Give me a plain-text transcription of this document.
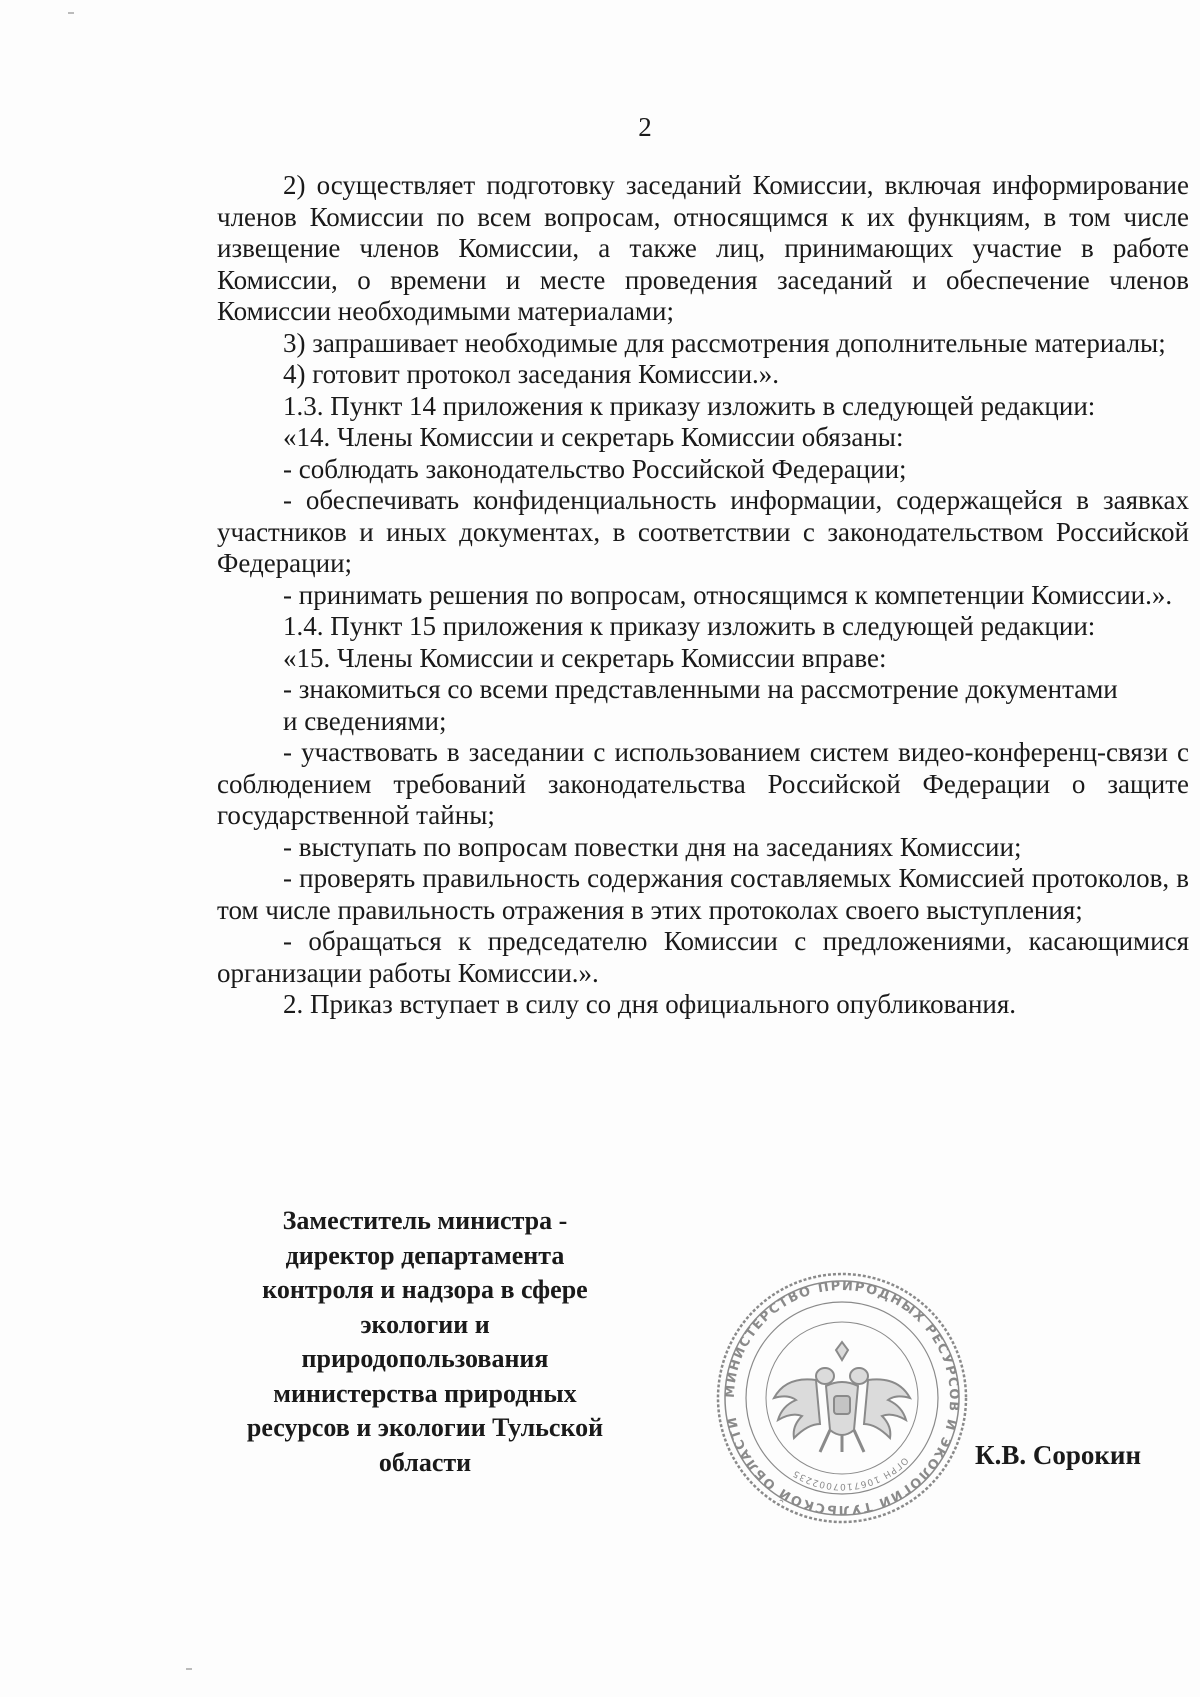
2

2) осуществляет подготовку заседаний Комиссии, включая информирование членов Комиссии по всем вопросам, относящимся к их функциям, в том числе извещение членов Комиссии, а также лиц, принимающих участие в работе Комиссии, о времени и месте проведения заседаний и обеспечение членов Комиссии необходимыми материалами;

3) запрашивает необходимые для рассмотрения дополнительные материалы;

4) готовит протокол заседания Комиссии.».

1.3. Пункт 14 приложения к приказу изложить в следующей редакции:

«14. Члены Комиссии и секретарь Комиссии обязаны:

- соблюдать законодательство Российской Федерации;

- обеспечивать конфиденциальность информации, содержащейся в заявках участников и иных документах, в соответствии с законодательством Российской Федерации;

- принимать решения по вопросам, относящимся к компетенции Комиссии.».

1.4. Пункт 15 приложения к приказу изложить в следующей редакции:

«15. Члены Комиссии и секретарь Комиссии вправе:

- знакомиться со всеми представленными на рассмотрение документами

и сведениями;

- участвовать в заседании с использованием систем видео-конференц-связи с соблюдением требований законодательства Российской Федерации о защите государственной тайны;

- выступать по вопросам повестки дня на заседаниях Комиссии;

- проверять правильность содержания составляемых Комиссией протоколов, в том числе правильность отражения в этих протоколах своего выступления;

- обращаться к председателю Комиссии с предложениями, касающимися организации работы Комиссии.».

2. Приказ вступает в силу со дня официального опубликования.

Заместитель министра -
директор департамента
контроля и надзора в сфере
экологии и
природопользования
министерства природных
ресурсов и экологии Тульской
области
МИНИСТЕРСТВО ПРИРОДНЫХ РЕСУРСОВ И ЭКОЛОГИИ ТУЛЬСКОЙ ОБЛАСТИ
ОГРН 1067107002235
К.В. Сорокин
